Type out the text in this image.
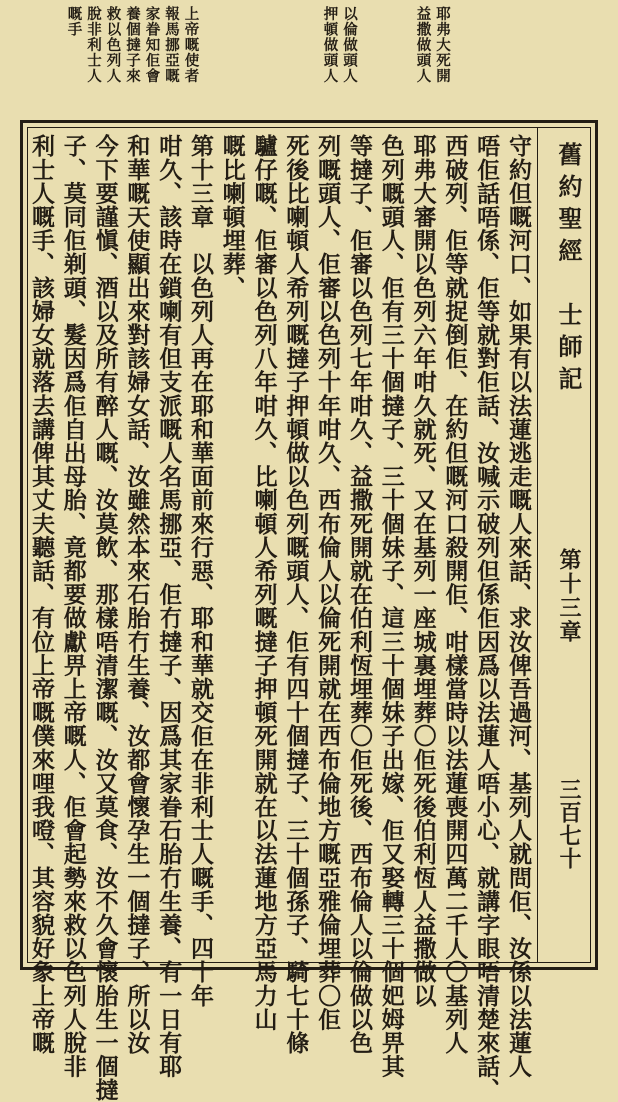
耶弗大死開
益撒做頭人
以倫做頭人
押頓做頭人
上帝嘅使者
報馬挪亞嘅
家眷知佢會
養個撻子來
救以色列人
脫非利士人
嘅手
舊約聖經　士師記
第十三章
三百七十
守約但嘅河口、如果有以法蓮逃走嘅人來話、求汝俾吾過河、基列人就問佢、汝係以法蓮人
唔佢話唔係、佢等就對佢話、汝喊示破列但係佢因爲以法蓮人唔小心、就講字眼唔清楚來話、
西破列、佢等就捉倒佢、在約但嘅河口殺開佢、咁樣當時以法蓮喪開四萬二千人〇基列人
耶弗大審開以色列六年咁久就死、又在基列一座城裏埋葬〇佢死後伯利恆人益撒做以
色列嘅頭人、佢有三十個撻子、三十個妹子、這三十個妹子出嫁、佢又娶轉三十個妑姆畀其
等撻子、佢審以色列七年咁久、益撒死開就在伯利恆埋葬〇佢死後、西布倫人以倫做以色
列嘅頭人、佢審以色列十年咁久、西布倫人以倫死開就在西布倫地方嘅亞雅倫埋葬〇佢
死後比喇頓人希列嘅撻子押頓做以色列嘅頭人、佢有四十個撻子、三十個孫子、騎七十條
驢仔嘅、佢審以色列八年咁久、比喇頓人希列嘅撻子押頓死開就在以法蓮地方亞馬力山
嘅比喇頓埋葬、
第十三章　以色列人再在耶和華面前來行惡、耶和華就交佢在非利士人嘅手、四十年
咁久、該時在鎖喇有但支派嘅人名馬挪亞、佢冇撻子、因爲其家眷石胎冇生養、有一日有耶
和華嘅天使顯出來對該婦女話、汝雖然本來石胎冇生養、汝都會懷孕生一個撻子、所以汝
今下要謹愼、酒以及所有醉人嘅、汝莫飲、那樣唔清潔嘅、汝又莫食、汝不久會懷胎生一個撻
子、莫同佢剃頭、髮因爲佢自出母胎、竟都要做獻畀上帝嘅人、佢會起勢來救以色列人脫非
利士人嘅手、該婦女就落去講俾其丈夫聽話、有位上帝嘅僕來哩我噔、其容貌好象上帝嘅
